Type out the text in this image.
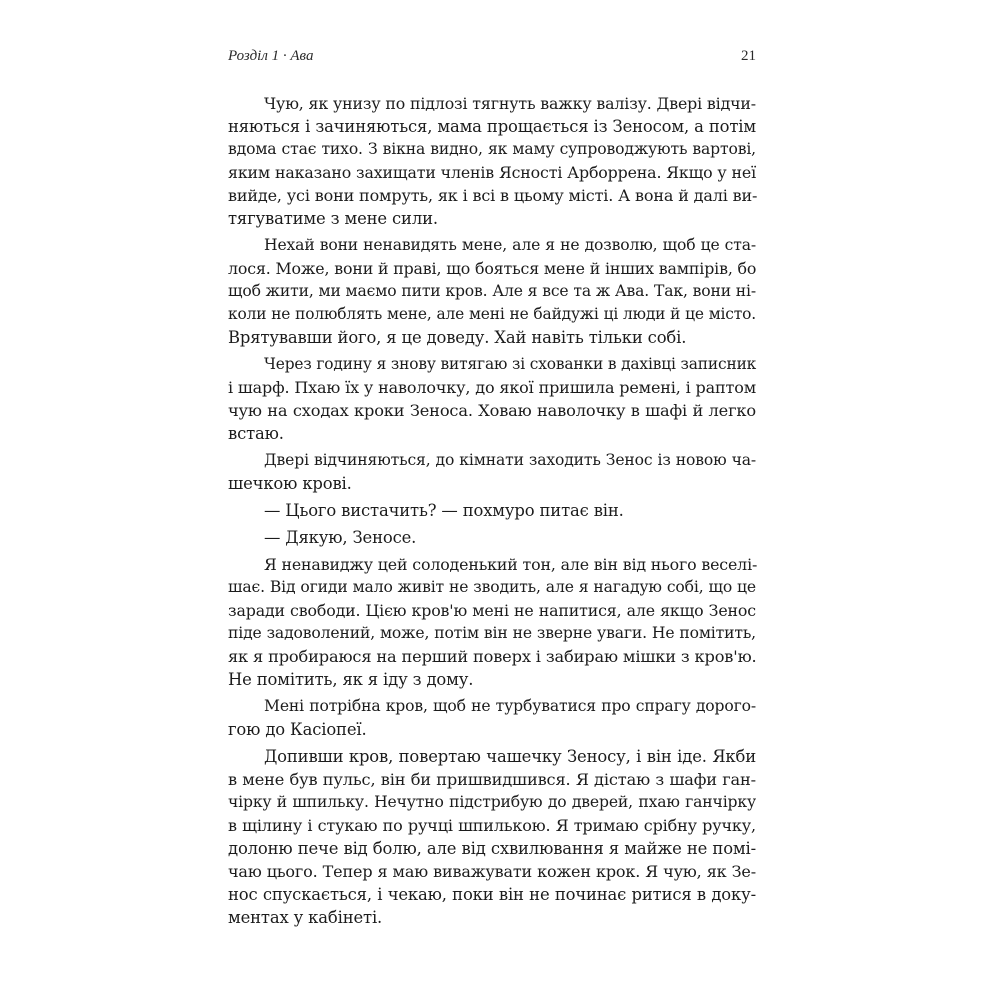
Розділ 1 · Ава	21
Чую, як унизу по підлозі тягнуть важку валізу. Двері відчи-
няються і зачиняються, мама прощається із Зеносом, а потім
вдома стає тихо. З вікна видно, як маму супроводжують вартові,
яким наказано захищати членів Ясності Арборрена. Якщо у неї
вийде, усі вони помруть, як і всі в цьому місті. А вона й далі ви-
тягуватиме з мене сили.
Нехай вони ненавидять мене, але я не дозволю, щоб це ста-
лося. Може, вони й праві, що бояться мене й інших вампірів, бо
щоб жити, ми маємо пити кров. Але я все та ж Ава. Так, вони ні-
коли не полюблять мене, але мені не байдужі ці люди й це місто.
Врятувавши його, я це доведу. Хай навіть тільки собі.
Через годину я знову витягаю зі схованки в дахівці записник
і шарф. Пхаю їх у наволочку, до якої пришила ремені, і раптом
чую на сходах кроки Зеноса. Ховаю наволочку в шафі й легко
встаю.
Двері відчиняються, до кімнати заходить Зенос із новою ча-
шечкою крові.
— Цього вистачить? — похмуро питає він.
— Дякую, Зеносе.
Я ненавиджу цей солоденький тон, але він від нього веселі-
шає. Від огиди мало живіт не зводить, але я нагадую собі, що це
заради свободи. Цією кров'ю мені не напитися, але якщо Зенос
піде задоволений, може, потім він не зверне уваги. Не помітить,
як я пробираюся на перший поверх і забираю мішки з кров'ю.
Не помітить, як я іду з дому.
Мені потрібна кров, щоб не турбуватися про спрагу дорого-
гою до Касіопеї.
Допивши кров, повертаю чашечку Зеносу, і він іде. Якби
в мене був пульс, він би пришвидшився. Я дістаю з шафи ган-
чірку й шпильку. Нечутно підстрибую до дверей, пхаю ганчірку
в щілину і стукаю по ручці шпилькою. Я тримаю срібну ручку,
долоню пече від болю, але від схвилювання я майже не помі-
чаю цього. Тепер я маю виважувати кожен крок. Я чую, як Зе-
нос спускається, і чекаю, поки він не починає ритися в доку-
ментах у кабінеті.
